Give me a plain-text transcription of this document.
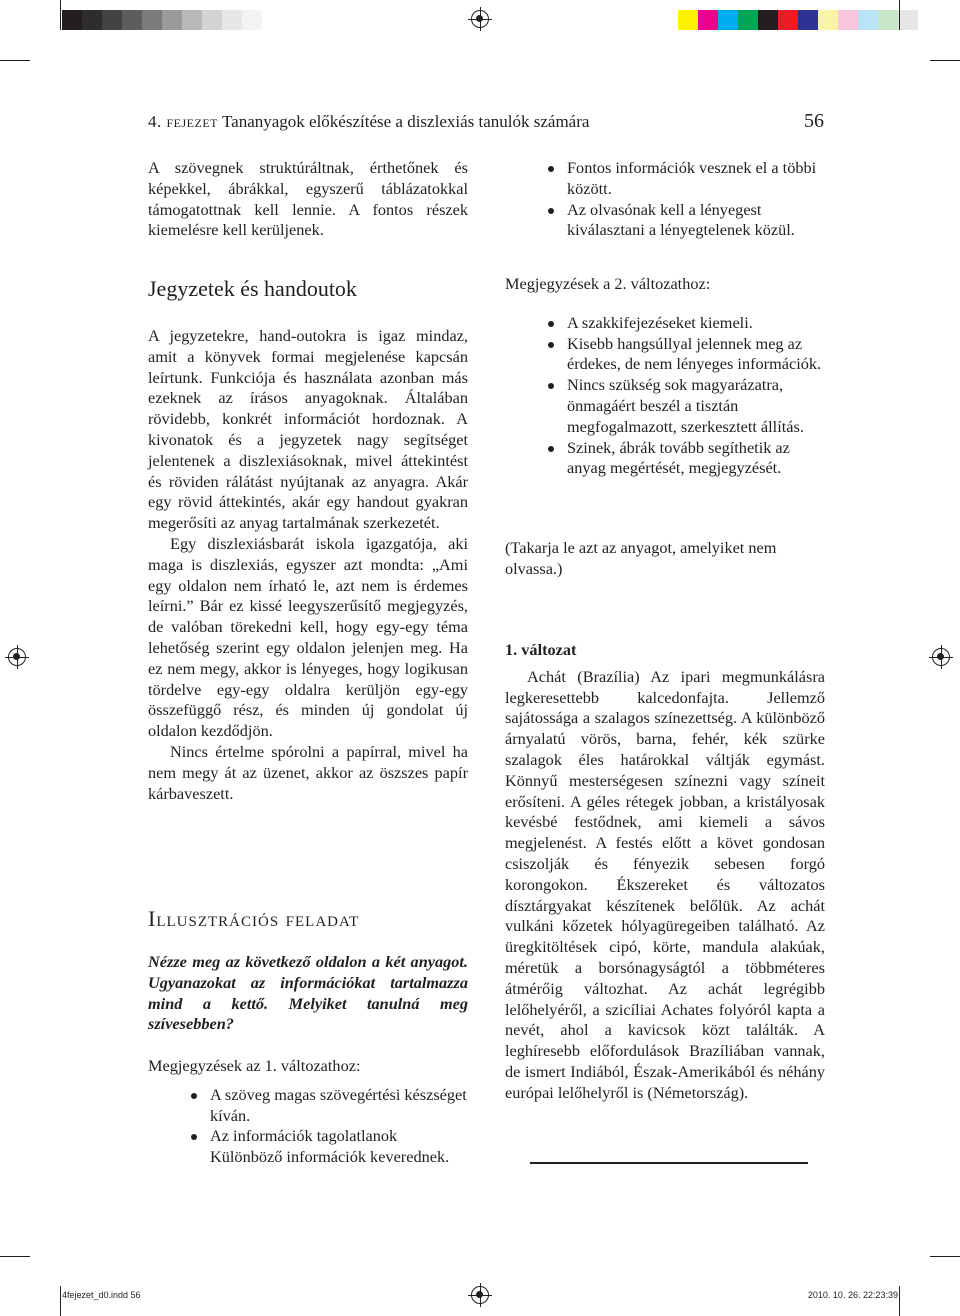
4. fejezet Tananyagok előkészítése a diszlexiás tanulók számára	56

A szövegnek struktúráltnak, érthetőnek és képekkel, ábrákkal, egyszerű táblázatokkal támogatottnak kell lennie. A fontos részek kiemelésre kell kerüljenek.

Jegyzetek és handoutok

A jegyzetekre, hand-outokra is igaz mindaz, amit a könyvek formai megjelenése kapcsán leírtunk. Funkciója és használata azonban más ezeknek az írásos anyagoknak. Általában rövidebb, konkrét információt hordoznak. A kivonatok és a jegyzetek nagy segítséget jelentenek a diszlexiásoknak, mivel áttekintést és röviden rálátást nyújtanak az anyagra. Akár egy rövid áttekintés, akár egy handout gyakran megerősíti az anyag tartalmának szerkezetét.

Egy diszlexiásbarát iskola igazgatója, aki maga is diszlexiás, egyszer azt mondta: „Ami egy oldalon nem írható le, azt nem is érdemes leírni.” Bár ez kissé leegyszerűsítő megjegyzés, de valóban törekedni kell, hogy egy-egy téma lehetőség szerint egy oldalon jelenjen meg. Ha ez nem megy, akkor is lényeges, hogy logikusan tördelve egy-egy oldalra kerüljön egy-egy összefüggő rész, és minden új gondolat új oldalon kezdődjön.

Nincs értelme spórolni a papírral, mivel ha nem megy át az üzenet, akkor az öszszes papír kárbaveszett.

Illusztrációs feladat

Nézze meg az következő oldalon a két anyagot. Ugyanazokat az információkat tartalmazza mind a kettő. Melyiket tanulná meg szívesebben?

Megjegyzések az 1. változathoz:

A szöveg magas szövegértési készséget kíván.
Az információk tagolatlanok Különböző információk keverednek.
Fontos információk vesznek el a többi között.
Az olvasónak kell a lényegest kiválasztani a lényegtelenek közül.

Megjegyzések a 2. változathoz:

A szakkifejezéseket kiemeli.
Kisebb hangsúllyal jelennek meg az érdekes, de nem lényeges információk.
Nincs szükség sok magyarázatra, önmagáért beszél a tisztán megfogalmazott, szerkesztett állítás.
Szinek, ábrák tovább segíthetik az anyag megértését, megjegyzését.

(Takarja le azt az anyagot, amelyiket nem olvassa.)

1. változat

Achát (Brazília) Az ipari megmunkálásra legkeresettebb kalcedonfajta. Jellemző sajátossága a szalagos színezettség. A különböző árnyalatú vörös, barna, fehér, kék szürke szalagok éles határokkal váltják egymást. Könnyű mesterségesen színezni vagy színeit erősíteni. A géles rétegek jobban, a kristályosak kevésbé festődnek, ami kiemeli a sávos megjelenést. A festés előtt a követ gondosan csiszolják és fényezik sebesen forgó korongokon. Ékszereket és változatos dísztárgyakat készítenek belőlük. Az achát vulkáni kőzetek hólyagüregeiben található. Az üregkitöltések cipó, körte, mandula alakúak, méretük a borsónagyságtól a többméteres átmérőig változhat. Az achát legrégibb lelőhelyéről, a szicíliai Achates folyóról kapta a nevét, ahol a kavicsok közt találták. A leghíresebb előfordulások Brazíliában vannak, de ismert Indiából, Észak-Amerikából és néhány európai lelőhelyről is (Németország).

4fejezet_d0.indd 56	2010. 10. 26. 22:23:39
